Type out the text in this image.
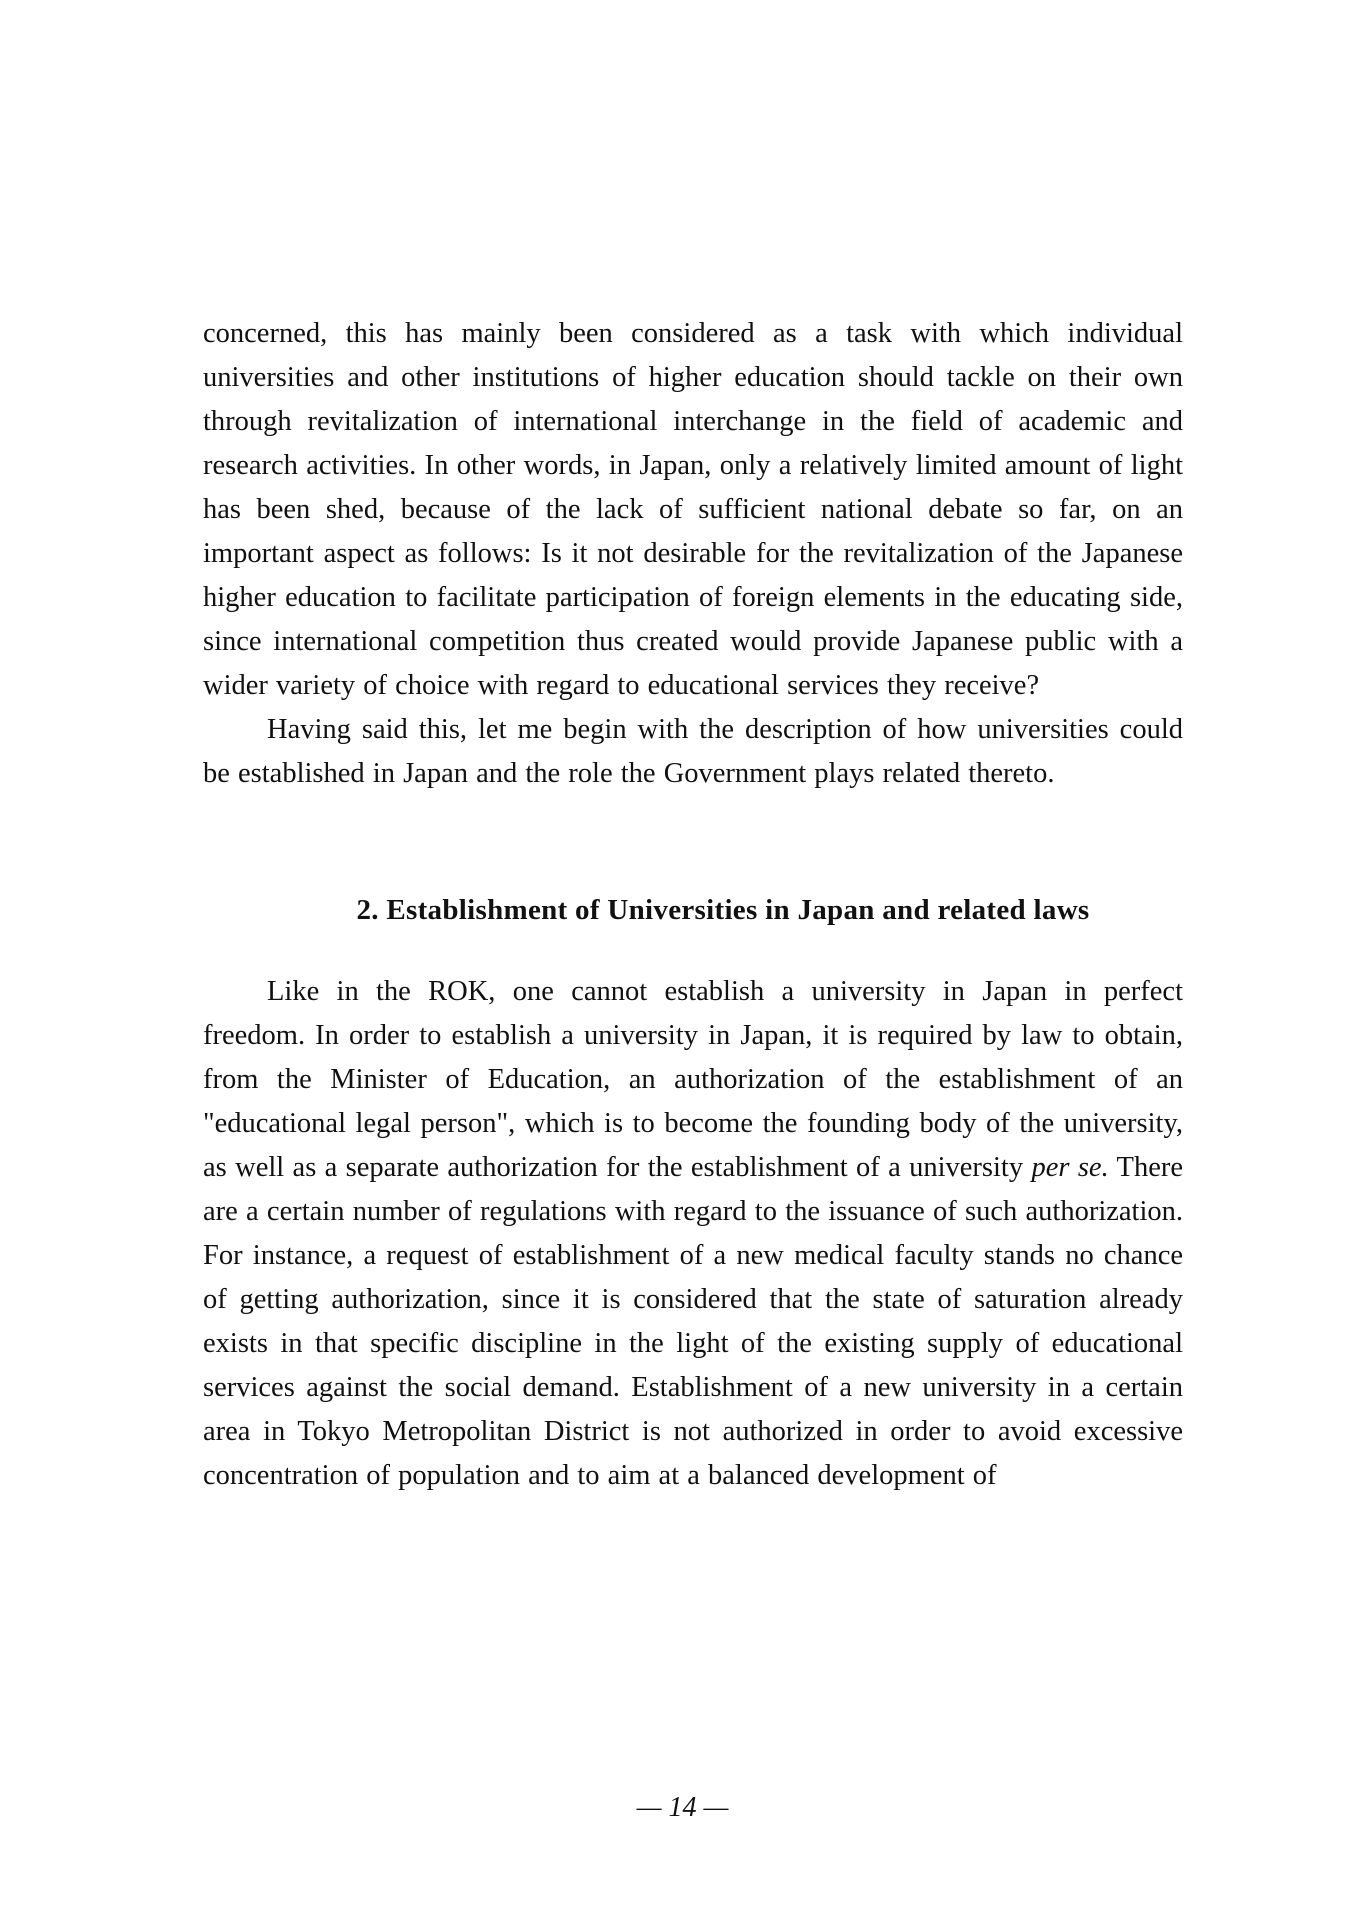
concerned, this has mainly been considered as a task with which individual universities and other institutions of higher education should tackle on their own through revitalization of international interchange in the field of academic and research activities. In other words, in Japan, only a relatively limited amount of light has been shed, because of the lack of sufficient national debate so far, on an important aspect as follows: Is it not desirable for the revitalization of the Japanese higher education to facilitate participation of foreign elements in the educating side, since international competition thus created would provide Japanese public with a wider variety of choice with regard to educational services they receive?

Having said this, let me begin with the description of how universities could be established in Japan and the role the Government plays related thereto.

2. Establishment of Universities in Japan and related laws

Like in the ROK, one cannot establish a university in Japan in perfect freedom. In order to establish a university in Japan, it is required by law to obtain, from the Minister of Education, an authorization of the establishment of an "educational legal person", which is to become the founding body of the university, as well as a separate authorization for the establishment of a university per se. There are a certain number of regulations with regard to the issuance of such authorization. For instance, a request of establishment of a new medical faculty stands no chance of getting authorization, since it is considered that the state of saturation already exists in that specific discipline in the light of the existing supply of educational services against the social demand. Establishment of a new university in a certain area in Tokyo Metropolitan District is not authorized in order to avoid excessive concentration of population and to aim at a balanced development of

— 14 —
